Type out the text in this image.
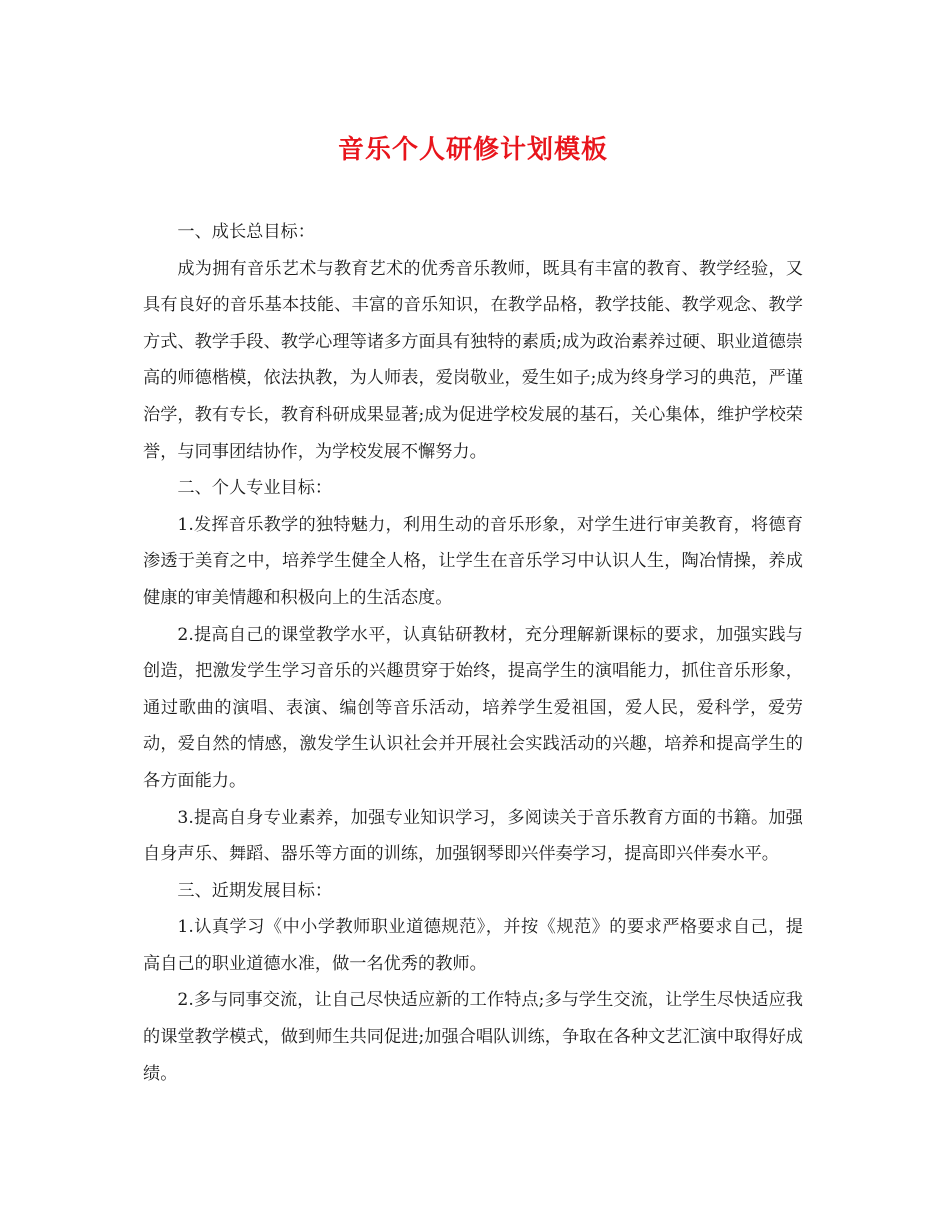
音乐个人研修计划模板

一、成长总目标：

成为拥有音乐艺术与教育艺术的优秀音乐教师，既具有丰富的教育、教学经验，又具有良好的音乐基本技能、丰富的音乐知识，在教学品格，教学技能、教学观念、教学方式、教学手段、教学心理等诸多方面具有独特的素质;成为政治素养过硬、职业道德崇高的师德楷模，依法执教，为人师表，爱岗敬业，爱生如子;成为终身学习的典范，严谨治学，教有专长，教育科研成果显著;成为促进学校发展的基石，关心集体，维护学校荣誉，与同事团结协作，为学校发展不懈努力。

二、个人专业目标：

1.发挥音乐教学的独特魅力，利用生动的音乐形象，对学生进行审美教育，将德育渗透于美育之中，培养学生健全人格，让学生在音乐学习中认识人生，陶冶情操，养成健康的审美情趣和积极向上的生活态度。

2.提高自己的课堂教学水平，认真钻研教材，充分理解新课标的要求，加强实践与创造，把激发学生学习音乐的兴趣贯穿于始终，提高学生的演唱能力，抓住音乐形象，通过歌曲的演唱、表演、编创等音乐活动，培养学生爱祖国，爱人民，爱科学，爱劳动，爱自然的情感，激发学生认识社会并开展社会实践活动的兴趣，培养和提高学生的各方面能力。

3.提高自身专业素养，加强专业知识学习，多阅读关于音乐教育方面的书籍。加强自身声乐、舞蹈、器乐等方面的训练，加强钢琴即兴伴奏学习，提高即兴伴奏水平。

三、近期发展目标：

1.认真学习《中小学教师职业道德规范》，并按《规范》的要求严格要求自己，提高自己的职业道德水准，做一名优秀的教师。

2.多与同事交流，让自己尽快适应新的工作特点;多与学生交流，让学生尽快适应我的课堂教学模式，做到师生共同促进;加强合唱队训练，争取在各种文艺汇演中取得好成绩。
